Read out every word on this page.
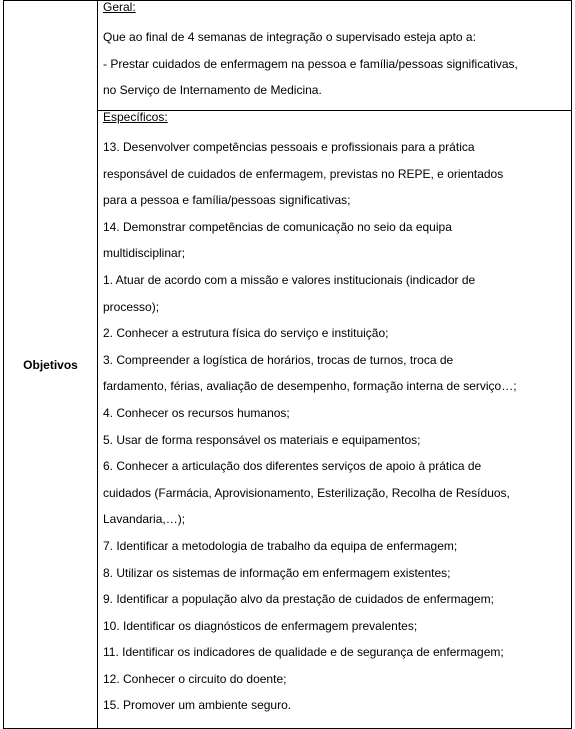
Objetivos	
Geral:
Que ao final de 4 semanas de integração o supervisado esteja apto a:
- Prestar cuidados de enfermagem na pessoa e família/pessoas significativas,
no Serviço de Internamento de Medicina.

Específicos:
13. Desenvolver competências pessoais e profissionais para a prática
responsável de cuidados de enfermagem, previstas no REPE, e orientados
para a pessoa e família/pessoas significativas;
14. Demonstrar competências de comunicação no seio da equipa
multidisciplinar;
1. Atuar de acordo com a missão e valores institucionais (indicador de
processo);
2. Conhecer a estrutura física do serviço e instituição;
3. Compreender a logística de horários, trocas de turnos, troca de
fardamento, férias, avaliação de desempenho, formação interna de serviço…;
4. Conhecer os recursos humanos;
5. Usar de forma responsável os materiais e equipamentos;
6. Conhecer a articulação dos diferentes serviços de apoio à prática de
cuidados (Farmácia, Aprovisionamento, Esterilização, Recolha de Resíduos,
Lavandaria,…);
7. Identificar a metodologia de trabalho da equipa de enfermagem;
8. Utilizar os sistemas de informação em enfermagem existentes;
9. Identificar a população alvo da prestação de cuidados de enfermagem;
10. Identificar os diagnósticos de enfermagem prevalentes;
11. Identificar os indicadores de qualidade e de segurança de enfermagem;
12. Conhecer o circuito do doente;
15. Promover um ambiente seguro.
